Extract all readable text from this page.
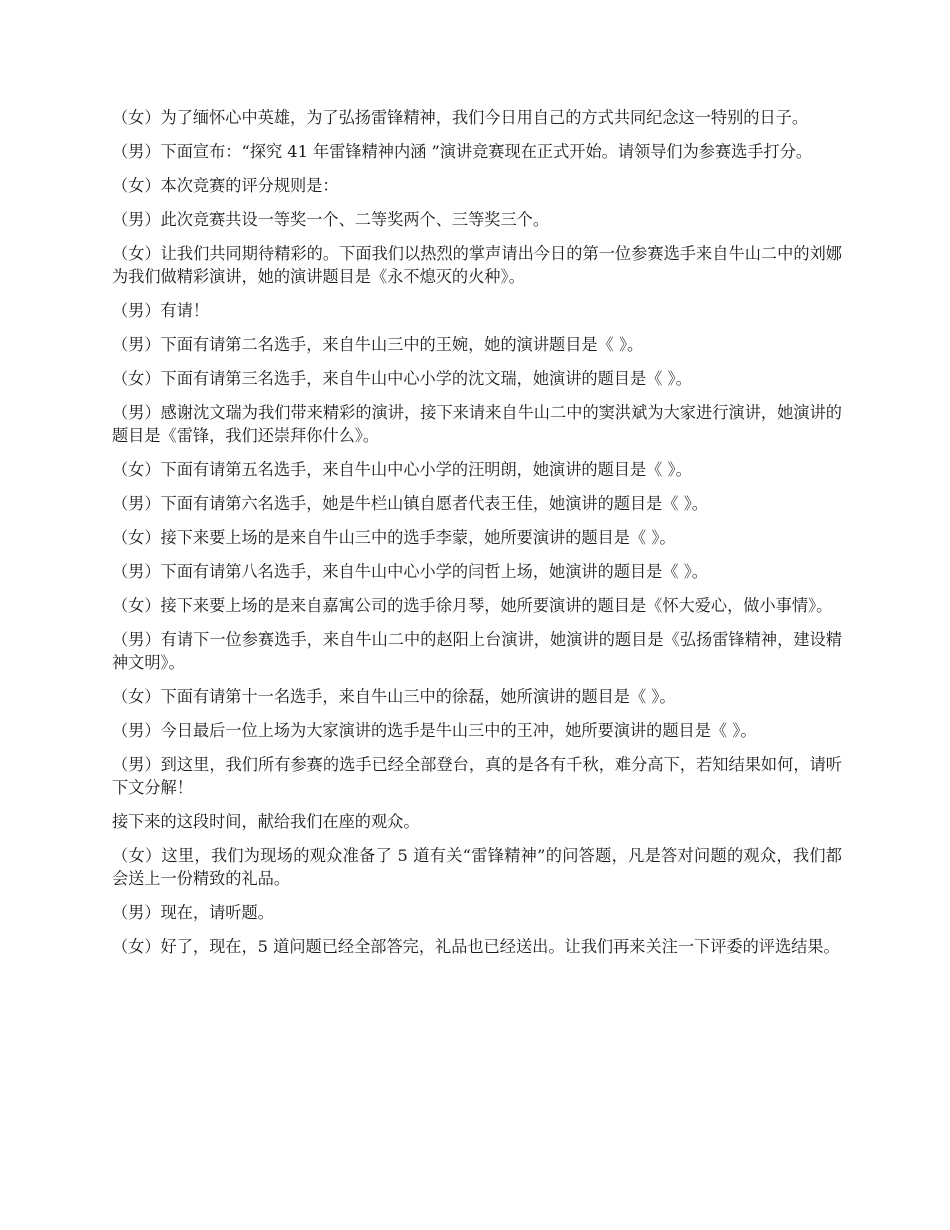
（女）为了缅怀心中英雄，为了弘扬雷锋精神，我们今日用自己的方式共同纪念这一特别的日子。

（男）下面宣布：“探究 41 年雷锋精神内涵 ”演讲竞赛现在正式开始。请领导们为参赛选手打分。

（女）本次竞赛的评分规则是：

（男）此次竞赛共设一等奖一个、二等奖两个、三等奖三个。

（女）让我们共同期待精彩的。下面我们以热烈的掌声请出今日的第一位参赛选手来自牛山二中的刘娜为我们做精彩演讲，她的演讲题目是《永不熄灭的火种》。

（男）有请！

（男）下面有请第二名选手，来自牛山三中的王婉，她的演讲题目是《 》。

（女）下面有请第三名选手，来自牛山中心小学的沈文瑞，她演讲的题目是《 》。

（男）感谢沈文瑞为我们带来精彩的演讲，接下来请来自牛山二中的窦洪斌为大家进行演讲，她演讲的题目是《雷锋，我们还崇拜你什么》。

（女）下面有请第五名选手，来自牛山中心小学的汪明朗，她演讲的题目是《 》。

（男）下面有请第六名选手，她是牛栏山镇自愿者代表王佳，她演讲的题目是《 》。

（女）接下来要上场的是来自牛山三中的选手李蒙，她所要演讲的题目是《 》。

（男）下面有请第八名选手，来自牛山中心小学的闫哲上场，她演讲的题目是《 》。

（女）接下来要上场的是来自嘉寓公司的选手徐月琴，她所要演讲的题目是《怀大爱心，做小事情》。

（男）有请下一位参赛选手，来自牛山二中的赵阳上台演讲，她演讲的题目是《弘扬雷锋精神，建设精神文明》。

（女）下面有请第十一名选手，来自牛山三中的徐磊，她所演讲的题目是《 》。

（男）今日最后一位上场为大家演讲的选手是牛山三中的王冲，她所要演讲的题目是《 》。

（男）到这里，我们所有参赛的选手已经全部登台，真的是各有千秋，难分高下，若知结果如何，请听下文分解！

接下来的这段时间，献给我们在座的观众。

（女）这里，我们为现场的观众准备了 5 道有关“雷锋精神”的问答题，凡是答对问题的观众，我们都会送上一份精致的礼品。

（男）现在，请听题。

（女）好了，现在，5 道问题已经全部答完，礼品也已经送出。让我们再来关注一下评委的评选结果。
